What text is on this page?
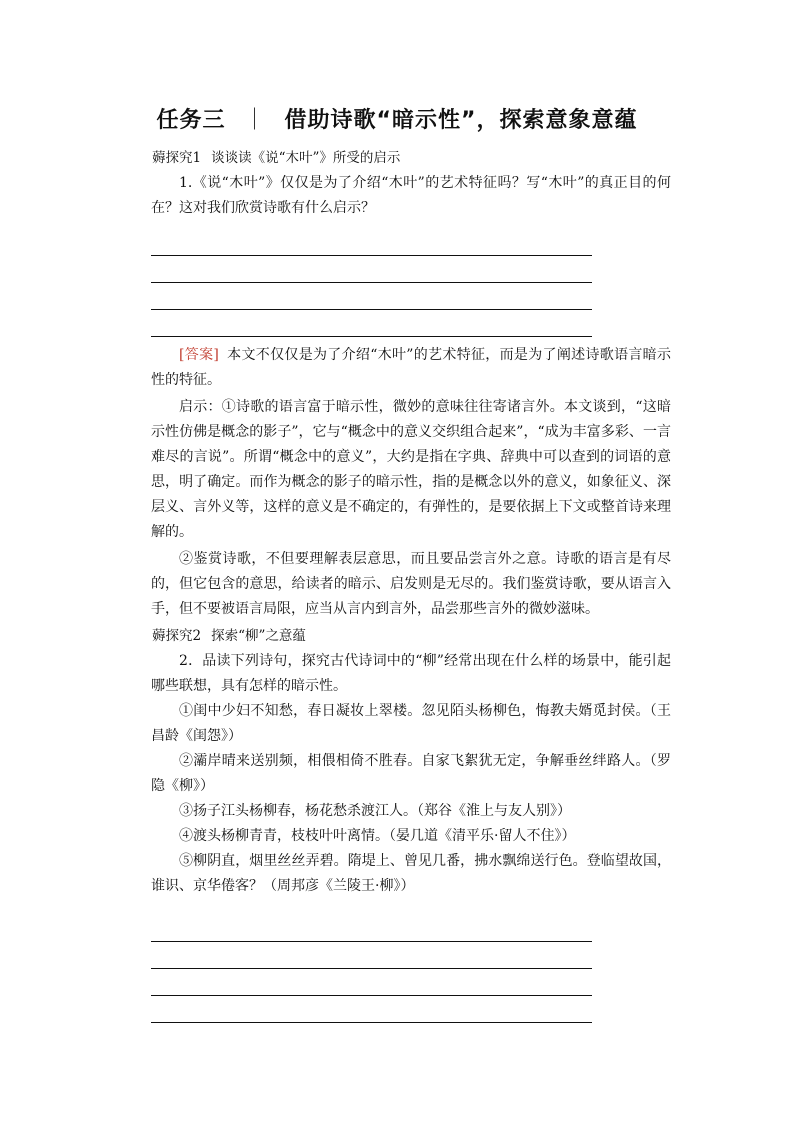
任务三 ｜ 借助诗歌“暗示性”，探索意象意蕴

薅探究1 谈谈读《说“木叶”》所受的启示

1.《说“木叶”》仅仅是为了介绍“木叶”的艺术特征吗？写“木叶”的真正目的何在？这对我们欣赏诗歌有什么启示？

[答案] 本文不仅仅是为了介绍“木叶”的艺术特征，而是为了阐述诗歌语言暗示性的特征。

启示：①诗歌的语言富于暗示性，微妙的意味往往寄诸言外。本文谈到，“这暗示性仿佛是概念的影子”，它与“概念中的意义交织组合起来”，“成为丰富多彩、一言难尽的言说”。所谓“概念中的意义”，大约是指在字典、辞典中可以查到的词语的意思，明了确定。而作为概念的影子的暗示性，指的是概念以外的意义，如象征义、深层义、言外义等，这样的意义是不确定的，有弹性的，是要依据上下文或整首诗来理解的。

②鉴赏诗歌，不但要理解表层意思，而且要品尝言外之意。诗歌的语言是有尽的，但它包含的意思，给读者的暗示、启发则是无尽的。我们鉴赏诗歌，要从语言入手，但不要被语言局限，应当从言内到言外，品尝那些言外的微妙滋味。

薅探究2 探索“柳”之意蕴

2．品读下列诗句，探究古代诗词中的“柳”经常出现在什么样的场景中，能引起哪些联想，具有怎样的暗示性。

①闺中少妇不知愁，春日凝妆上翠楼。忽见陌头杨柳色，悔教夫婿觅封侯。（王昌龄《闺怨》）

②灞岸晴来送别频，相偎相倚不胜春。自家飞絮犹无定，争解垂丝绊路人。（罗隐《柳》）

③扬子江头杨柳春，杨花愁杀渡江人。（郑谷《淮上与友人别》）

④渡头杨柳青青，枝枝叶叶离情。（晏几道《清平乐·留人不住》）

⑤柳阴直，烟里丝丝弄碧。隋堤上、曾见几番，拂水飘绵送行色。登临望故国，谁识、京华倦客？（周邦彦《兰陵王·柳》）
